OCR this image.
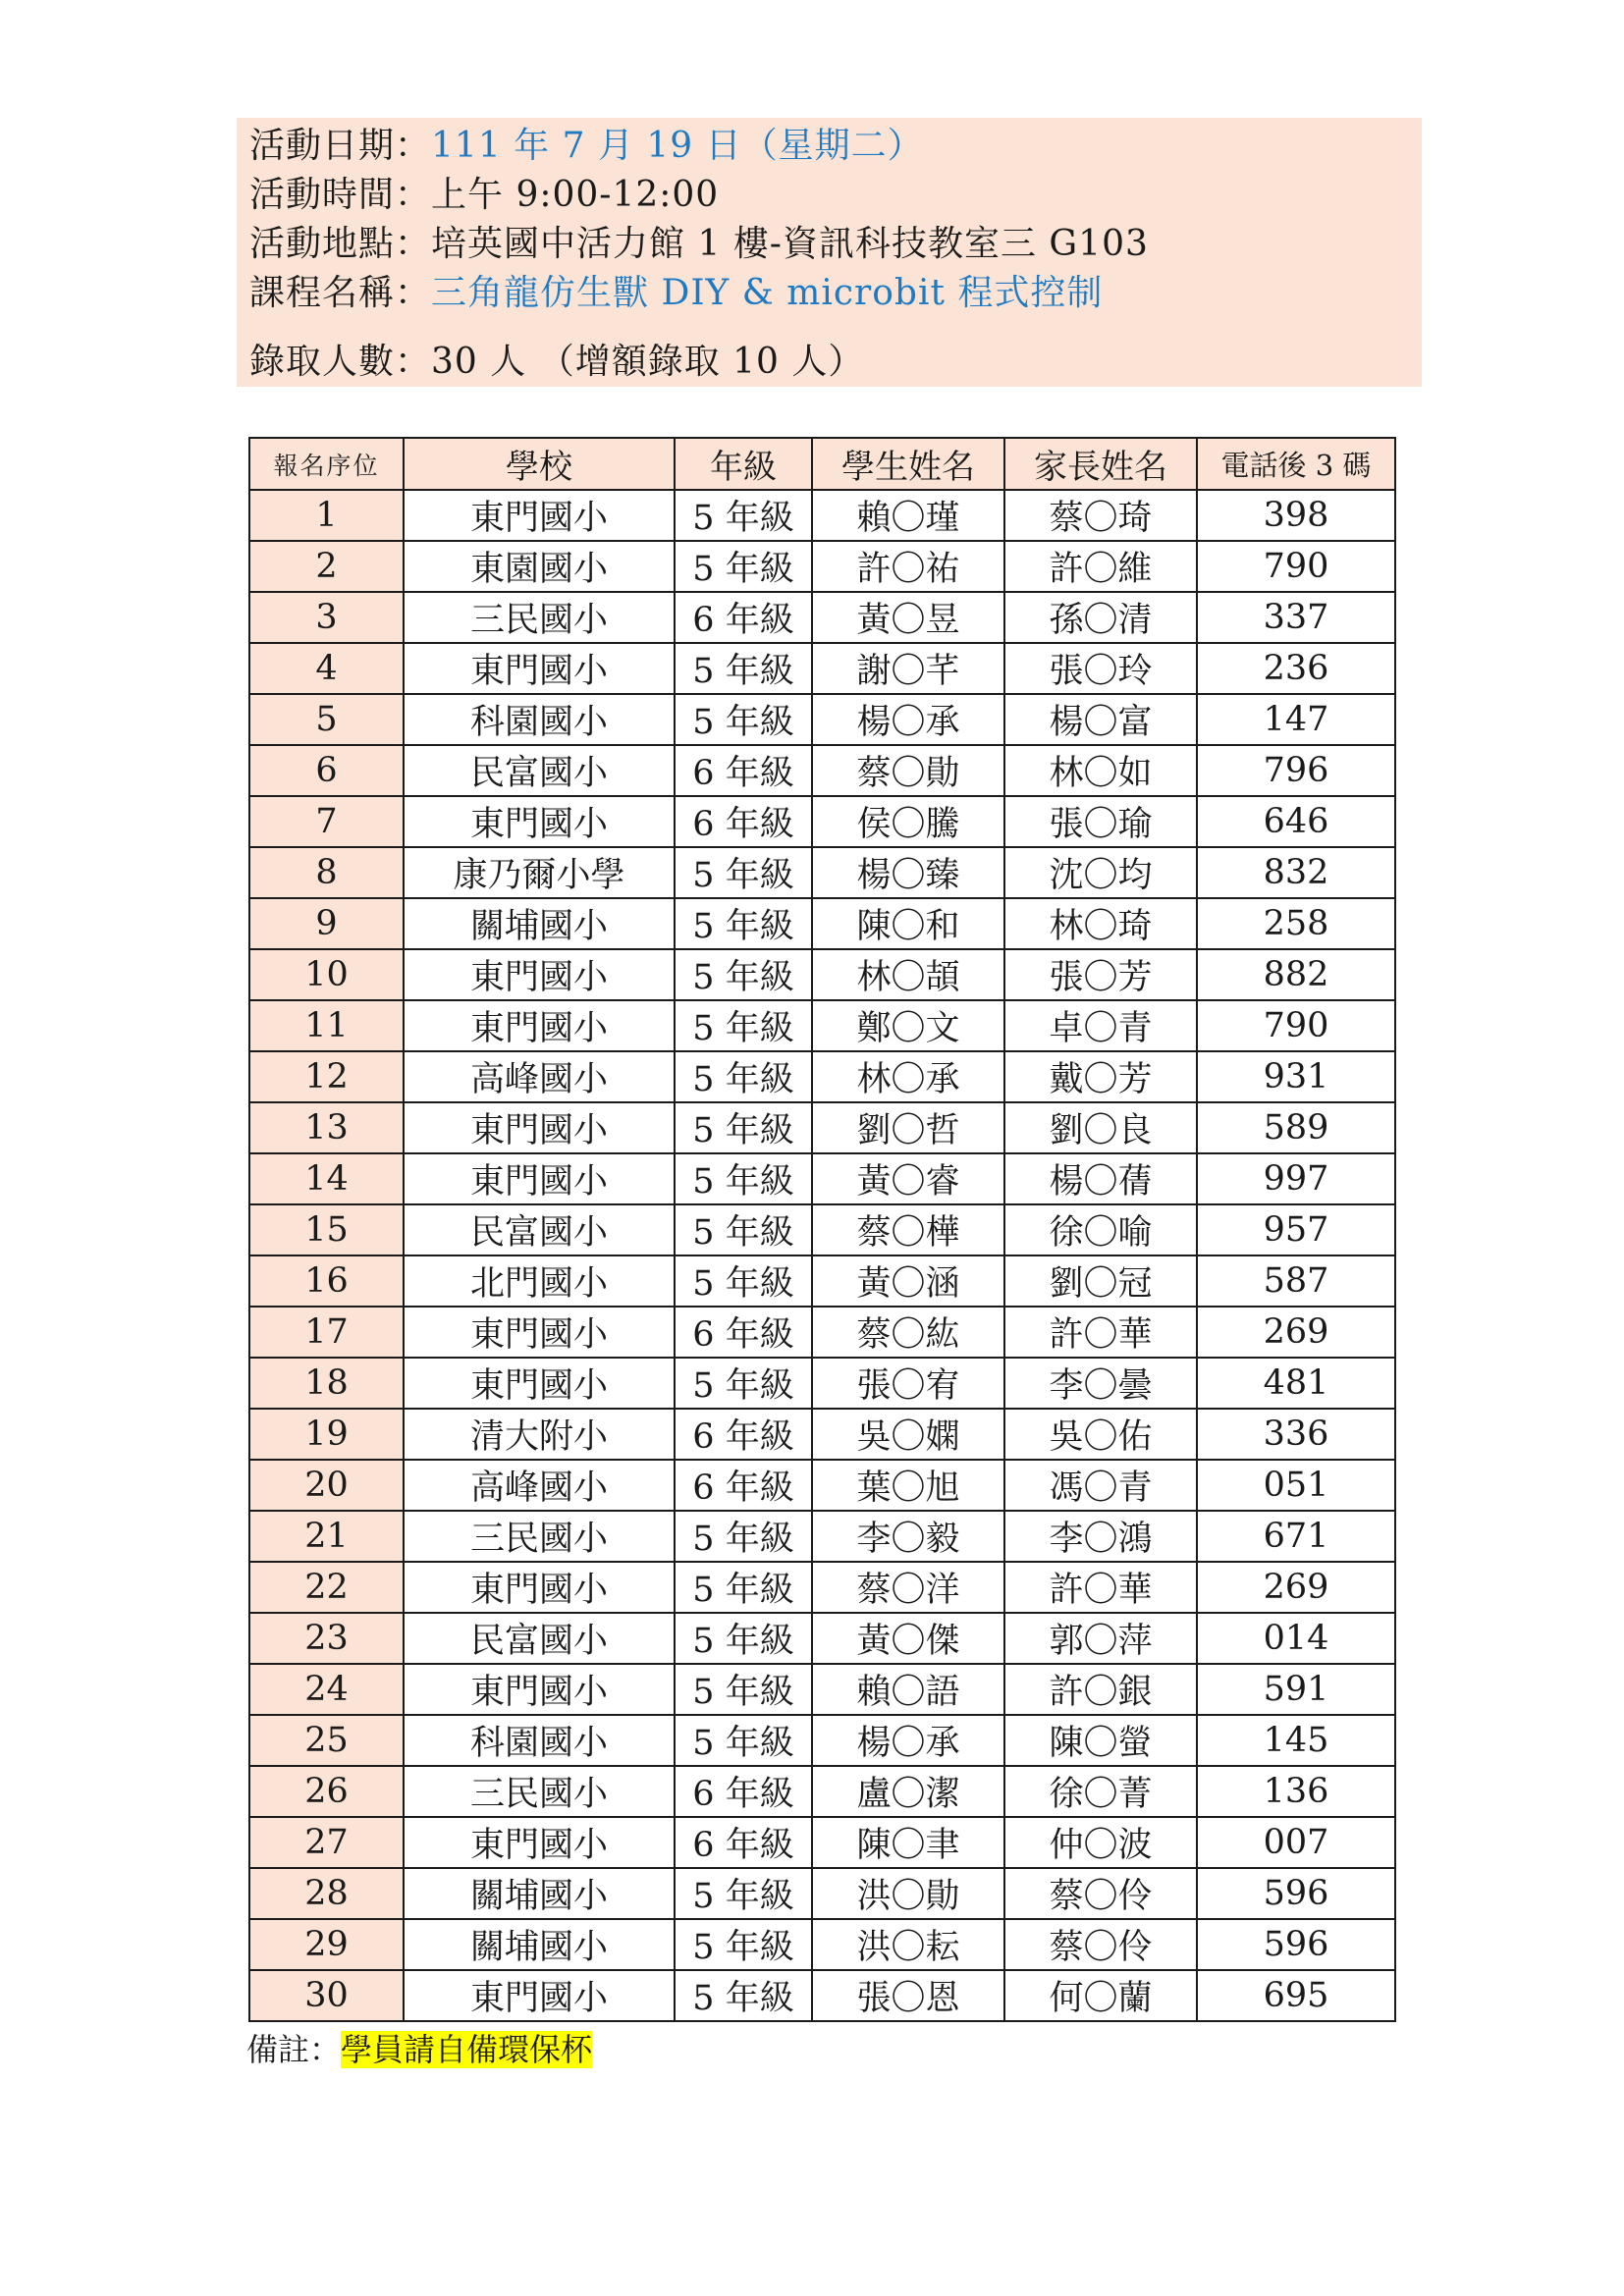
活動日期：111 年 7 月 19 日（星期二）
活動時間：上午 9:00-12:00
活動地點：培英國中活力館 1 樓-資訊科技教室三 G103
課程名稱：三角龍仿生獸 DIY & microbit 程式控制
錄取人數：30 人 （增額錄取 10 人）
報名序位	學校	年級	學生姓名	家長姓名	電話後 3 碼
1	東門國小	5 年級	賴〇瑾	蔡〇琦	398
2	東園國小	5 年級	許〇祐	許〇維	790
3	三民國小	6 年級	黃〇昱	孫〇清	337
4	東門國小	5 年級	謝〇芊	張〇玲	236
5	科園國小	5 年級	楊〇承	楊〇富	147
6	民富國小	6 年級	蔡〇勛	林〇如	796
7	東門國小	6 年級	侯〇騰	張〇瑜	646
8	康乃爾小學	5 年級	楊〇臻	沈〇均	832
9	關埔國小	5 年級	陳〇和	林〇琦	258
10	東門國小	5 年級	林〇頡	張〇芳	882
11	東門國小	5 年級	鄭〇文	卓〇青	790
12	高峰國小	5 年級	林〇承	戴〇芳	931
13	東門國小	5 年級	劉〇哲	劉〇良	589
14	東門國小	5 年級	黃〇睿	楊〇蒨	997
15	民富國小	5 年級	蔡〇樺	徐〇喻	957
16	北門國小	5 年級	黃〇涵	劉〇冠	587
17	東門國小	6 年級	蔡〇紘	許〇華	269
18	東門國小	5 年級	張〇宥	李〇曇	481
19	清大附小	6 年級	吳〇嫻	吳〇佑	336
20	高峰國小	6 年級	葉〇旭	馮〇青	051
21	三民國小	5 年級	李〇毅	李〇鴻	671
22	東門國小	5 年級	蔡〇洋	許〇華	269
23	民富國小	5 年級	黃〇傑	郭〇萍	014
24	東門國小	5 年級	賴〇語	許〇銀	591
25	科園國小	5 年級	楊〇承	陳〇螢	145
26	三民國小	6 年級	盧〇潔	徐〇菁	136
27	東門國小	6 年級	陳〇聿	仲〇波	007
28	關埔國小	5 年級	洪〇勛	蔡〇伶	596
29	關埔國小	5 年級	洪〇耘	蔡〇伶	596
30	東門國小	5 年級	張〇恩	何〇蘭	695
備註：學員請自備環保杯
